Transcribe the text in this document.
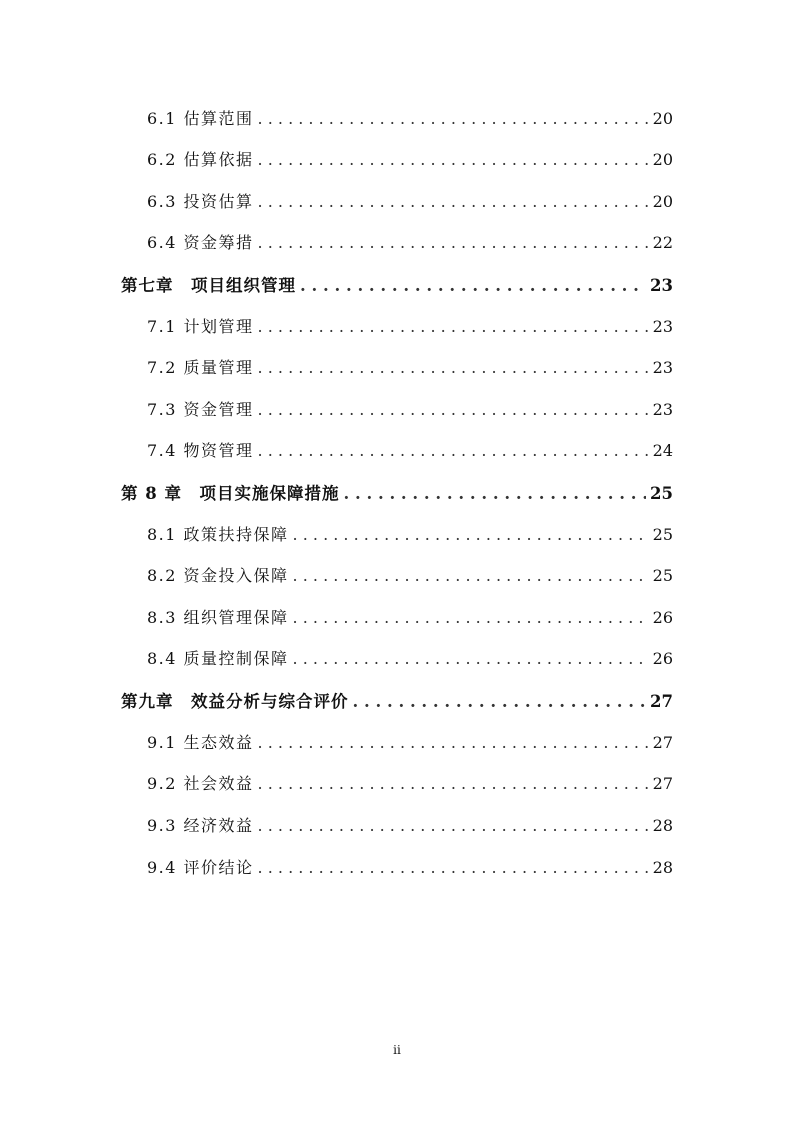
6.1 估算范围 . . .	20
6.2 估算依据 . . .	20
6.3 投资估算 . . .	20
6.4 资金筹措 . . .	22
第七章　项目组织管理 . . .	23
7.1 计划管理 . . .	23
7.2 质量管理 . . .	23
7.3 资金管理 . . .	23
7.4 物资管理 . . .	24
第 8 章　项目实施保障措施 . . .	25
8.1 政策扶持保障 . . .	25
8.2 资金投入保障 . . .	25
8.3 组织管理保障 . . .	26
8.4 质量控制保障 . . .	26
第九章　效益分析与综合评价 . . .	27
9.1 生态效益 . . .	27
9.2 社会效益 . . .	27
9.3 经济效益 . . .	28
9.4 评价结论 . . .	28
ii
